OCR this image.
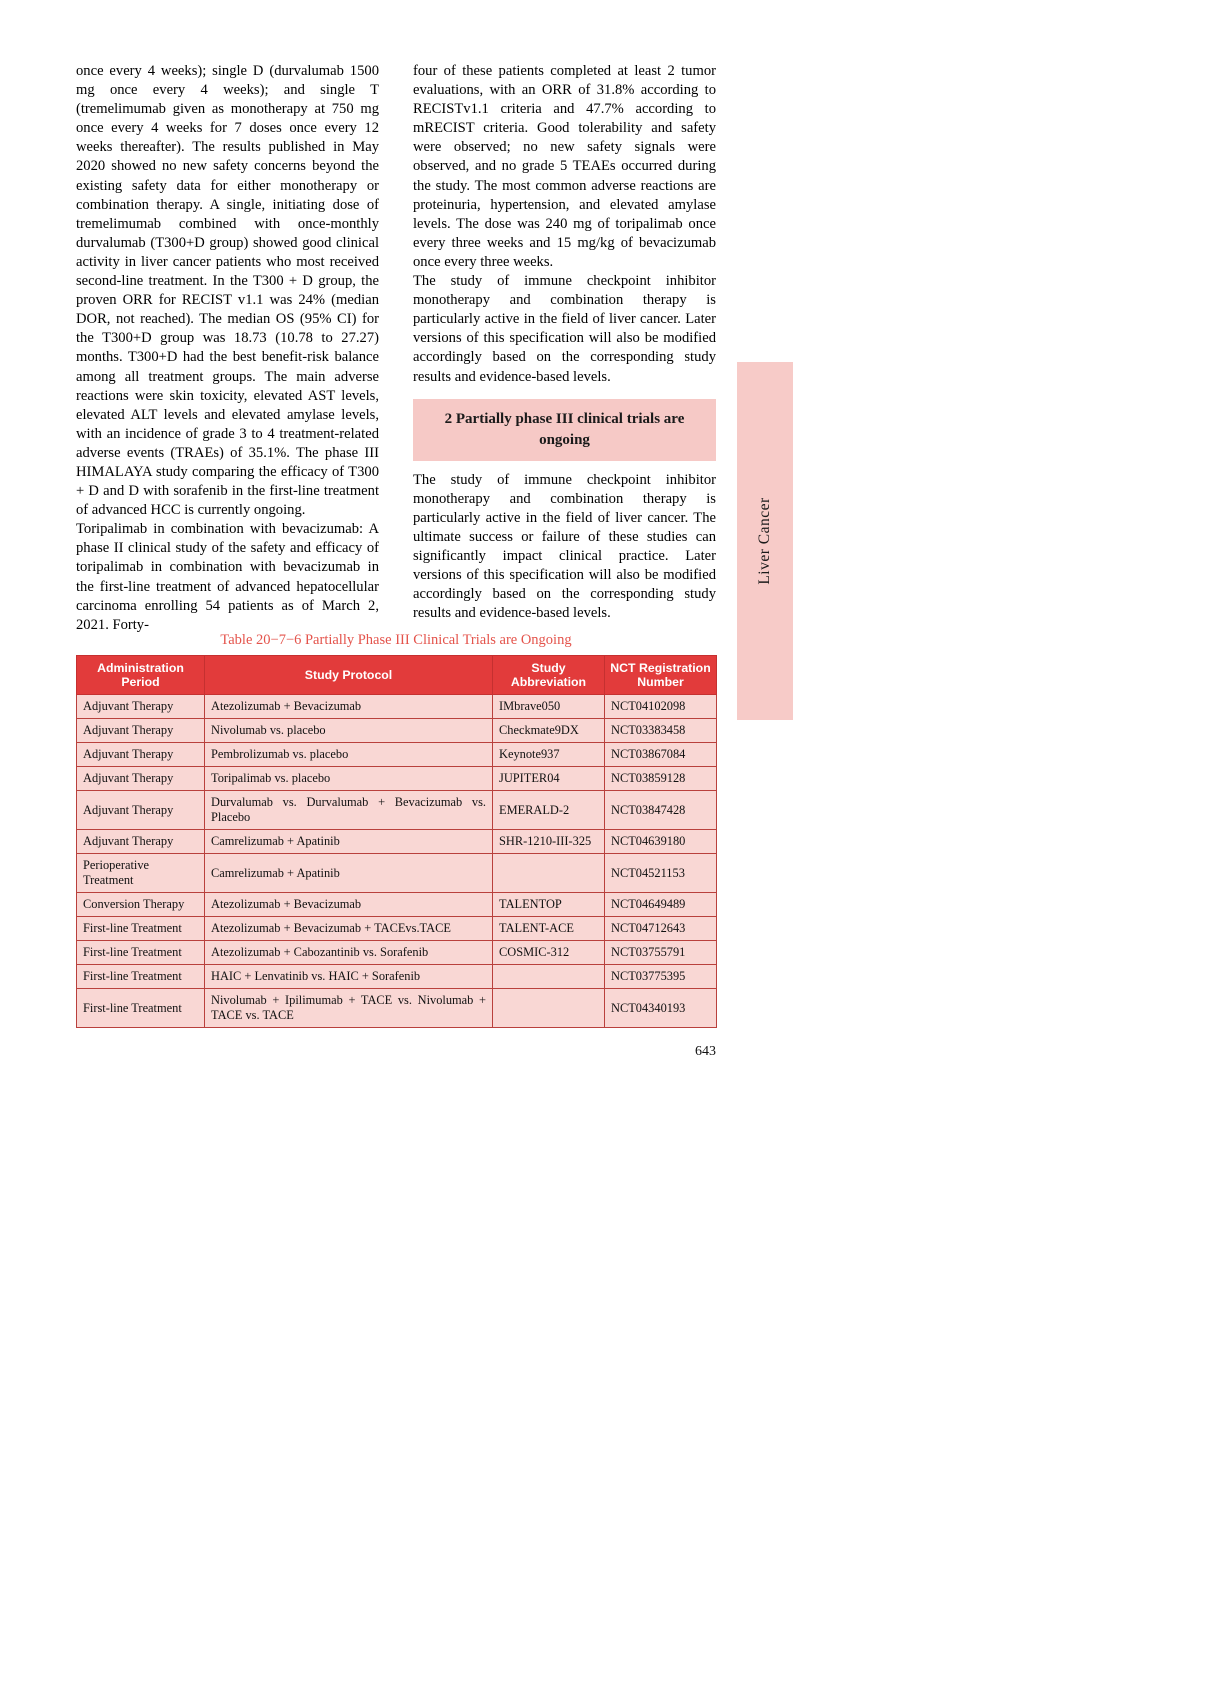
once every 4 weeks); single D (durvalumab 1500 mg once every 4 weeks); and single T (tremelimumab given as monotherapy at 750 mg once every 4 weeks for 7 doses once every 12 weeks thereafter). The results published in May 2020 showed no new safety concerns beyond the existing safety data for either monotherapy or combination therapy. A single, initiating dose of tremelimumab combined with once-monthly durvalumab (T300+D group) showed good clinical activity in liver cancer patients who most received second-line treatment. In the T300 + D group, the proven ORR for RECIST v1.1 was 24% (median DOR, not reached). The median OS (95% CI) for the T300+D group was 18.73 (10.78 to 27.27) months. T300+D had the best benefit-risk balance among all treatment groups. The main adverse reactions were skin toxicity, elevated AST levels, elevated ALT levels and elevated amylase levels, with an incidence of grade 3 to 4 treatment-related adverse events (TRAEs) of 35.1%. The phase III HIMALAYA study comparing the efficacy of T300 + D and D with sorafenib in the first-line treatment of advanced HCC is currently ongoing.

Toripalimab in combination with bevacizumab: A phase II clinical study of the safety and efficacy of toripalimab in combination with bevacizumab in the first-line treatment of advanced hepatocellular carcinoma enrolling 54 patients as of March 2, 2021. Forty-

four of these patients completed at least 2 tumor evaluations, with an ORR of 31.8% according to RECISTv1.1 criteria and 47.7% according to mRECIST criteria. Good tolerability and safety were observed; no new safety signals were observed, and no grade 5 TEAEs occurred during the study. The most common adverse reactions are proteinuria, hypertension, and elevated amylase levels. The dose was 240 mg of toripalimab once every three weeks and 15 mg/kg of bevacizumab once every three weeks.

The study of immune checkpoint inhibitor monotherapy and combination therapy is particularly active in the field of liver cancer. Later versions of this specification will also be modified accordingly based on the corresponding study results and evidence-based levels.

2 Partially phase III clinical trials are ongoing

The study of immune checkpoint inhibitor monotherapy and combination therapy is particularly active in the field of liver cancer. The ultimate success or failure of these studies can significantly impact clinical practice. Later versions of this specification will also be modified accordingly based on the corresponding study results and evidence-based levels.

Liver Cancer
Table 20−7−6 Partially Phase III Clinical Trials are Ongoing
Administration Period	Study Protocol	Study Abbreviation	NCT Registration Number
Adjuvant Therapy	Atezolizumab + Bevacizumab	IMbrave050	NCT04102098
Adjuvant Therapy	Nivolumab vs. placebo	Checkmate9DX	NCT03383458
Adjuvant Therapy	Pembrolizumab vs. placebo	Keynote937	NCT03867084
Adjuvant Therapy	Toripalimab vs. placebo	JUPITER04	NCT03859128
Adjuvant Therapy	Durvalumab vs. Durvalumab + Bevacizumab vs. Placebo	EMERALD-2	NCT03847428
Adjuvant Therapy	Camrelizumab + Apatinib	SHR-1210-III-325	NCT04639180
Perioperative Treatment	Camrelizumab + Apatinib		NCT04521153
Conversion Therapy	Atezolizumab + Bevacizumab	TALENTOP	NCT04649489
First-line Treatment	Atezolizumab + Bevacizumab + TACEvs.TACE	TALENT-ACE	NCT04712643
First-line Treatment	Atezolizumab + Cabozantinib vs. Sorafenib	COSMIC-312	NCT03755791
First-line Treatment	HAIC + Lenvatinib vs. HAIC + Sorafenib		NCT03775395
First-line Treatment	Nivolumab + Ipilimumab + TACE vs. Nivolumab + TACE vs. TACE		NCT04340193
643
